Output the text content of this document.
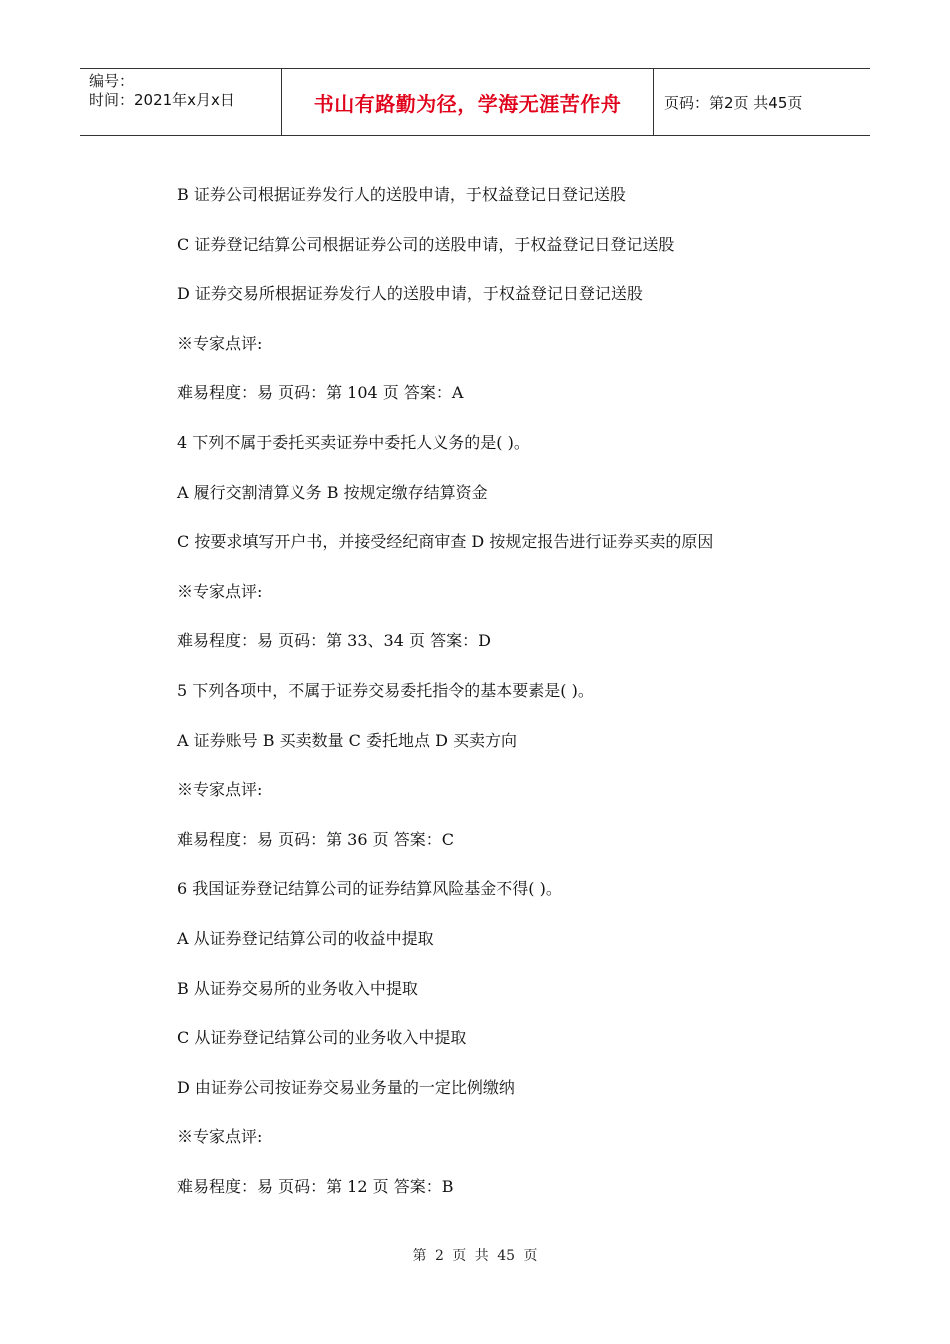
编号：
时间：2021年x月x日	书山有路勤为径，学海无涯苦作舟	页码：第2页 共45页
B 证券公司根据证券发行人的送股申请，于权益登记日登记送股
C 证券登记结算公司根据证券公司的送股申请，于权益登记日登记送股
D 证券交易所根据证券发行人的送股申请，于权益登记日登记送股
※专家点评:
难易程度：易 页码：第 104 页 答案：A
4 下列不属于委托买卖证券中委托人义务的是( )。
A 履行交割清算义务 B 按规定缴存结算资金
C 按要求填写开户书，并接受经纪商审查 D 按规定报告进行证券买卖的原因
※专家点评:
难易程度：易 页码：第 33、34 页 答案：D
5 下列各项中，不属于证券交易委托指令的基本要素是( )。
A 证券账号 B 买卖数量 C 委托地点 D 买卖方向
※专家点评:
难易程度：易 页码：第 36 页 答案：C
6 我国证券登记结算公司的证券结算风险基金不得( )。
A 从证券登记结算公司的收益中提取
B 从证券交易所的业务收入中提取
C 从证券登记结算公司的业务收入中提取
D 由证券公司按证券交易业务量的一定比例缴纳
※专家点评:
难易程度：易 页码：第 12 页 答案：B
第 2 页 共 45 页
